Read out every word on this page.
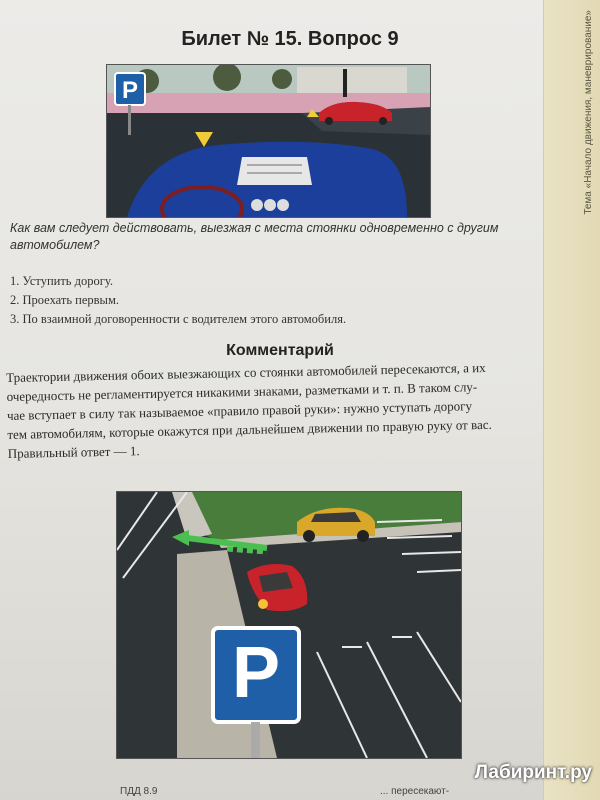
Тема «Начало движения, маневрирование»
Билет № 15. Вопрос 9
P
Как вам следует действовать, выезжая с места стоянки одновременно с другим автомобилем?
1. Уступить дорогу.
2. Проехать первым.
3. По взаимной договоренности с водителем этого автомобиля.
Комментарий
Траектории движения обоих выезжающих со стоянки автомобилей пересекаются, а их
очередность не регламентируется никакими знаками, разметками и т. п. В таком слу-
чае вступает в силу так называемое «правило правой руки»: нужно уступать дорогу
тем автомобилям, которые окажутся при дальнейшем движении по правую руку от вас.
Правильный ответ — 1.
P
Лабиринт.ру
ПДД 8.9	... пересекают-
